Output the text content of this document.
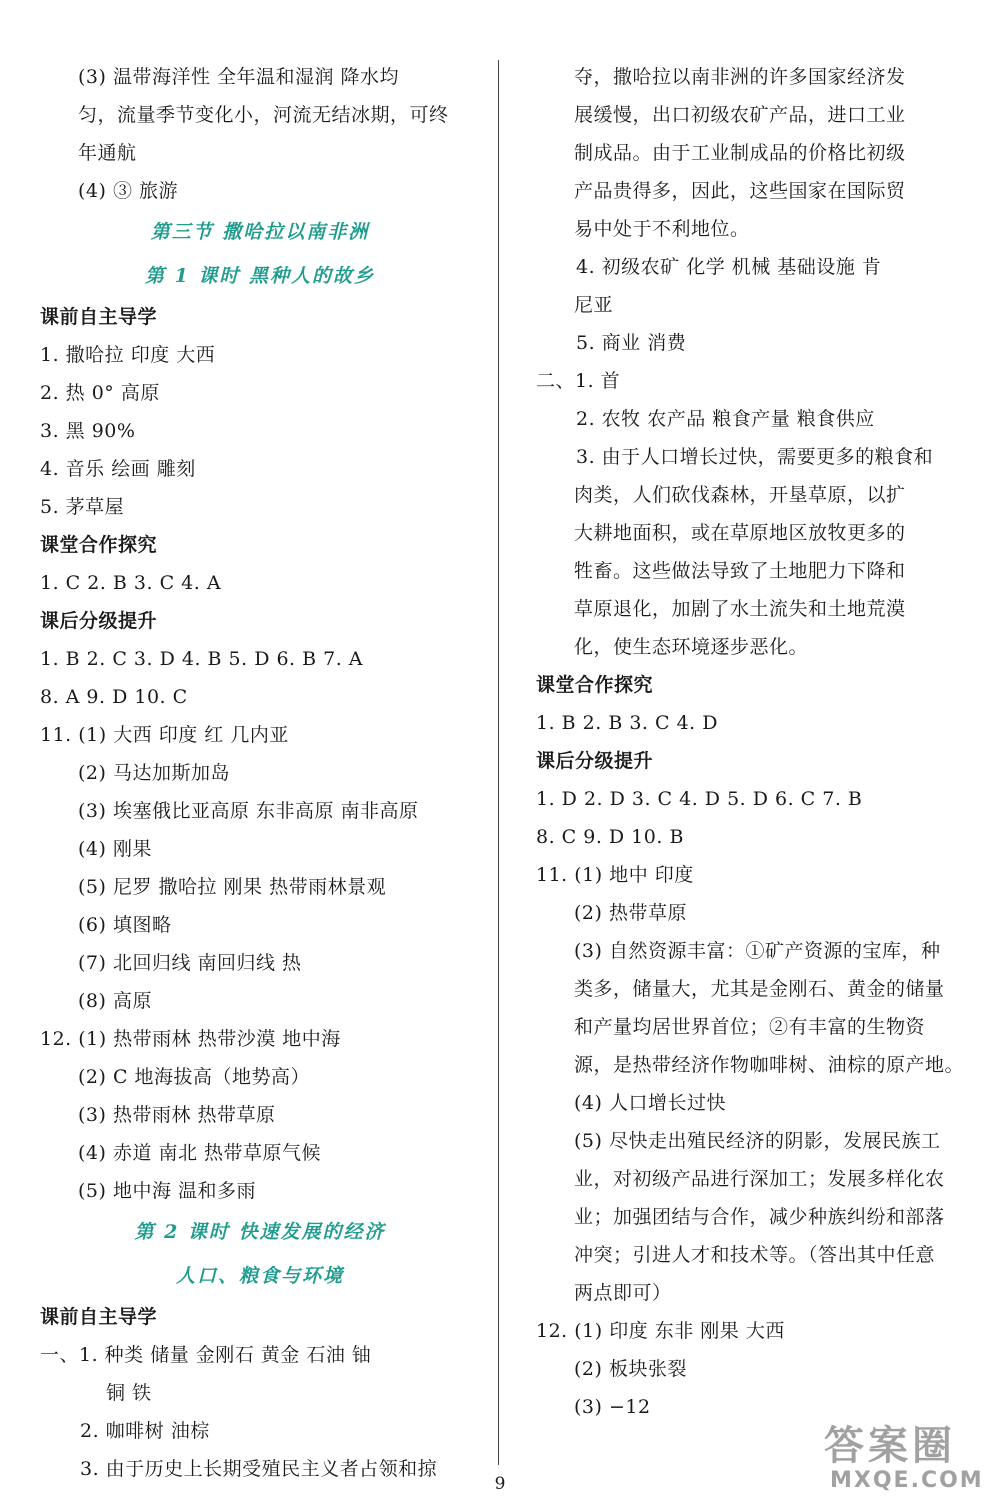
(3) 温带海洋性 全年温和湿润 降水均
匀，流量季节变化小，河流无结冰期，可终
年通航
(4) ③ 旅游
第三节 撒哈拉以南非洲
第 1 课时 黑种人的故乡
课前自主导学
1. 撒哈拉 印度 大西
2. 热 0° 高原
3. 黑 90%
4. 音乐 绘画 雕刻
5. 茅草屋
课堂合作探究
1. C 2. B 3. C 4. A
课后分级提升
1. B 2. C 3. D 4. B 5. D 6. B 7. A
8. A 9. D 10. C
11. (1) 大西 印度 红 几内亚
(2) 马达加斯加岛
(3) 埃塞俄比亚高原 东非高原 南非高原
(4) 刚果
(5) 尼罗 撒哈拉 刚果 热带雨林景观
(6) 填图略
(7) 北回归线 南回归线 热
(8) 高原
12. (1) 热带雨林 热带沙漠 地中海
(2) C 地海拔高（地势高）
(3) 热带雨林 热带草原
(4) 赤道 南北 热带草原气候
(5) 地中海 温和多雨
第 2 课时 快速发展的经济
人口、粮食与环境
课前自主导学
一、1. 种类 储量 金刚石 黄金 石油 铀
铜 铁
2. 咖啡树 油棕
3. 由于历史上长期受殖民主义者占领和掠
夺，撒哈拉以南非洲的许多国家经济发
展缓慢，出口初级农矿产品，进口工业
制成品。由于工业制成品的价格比初级
产品贵得多，因此，这些国家在国际贸
易中处于不利地位。
4. 初级农矿 化学 机械 基础设施 肯
尼亚
5. 商业 消费
二、1. 首
2. 农牧 农产品 粮食产量 粮食供应
3. 由于人口增长过快，需要更多的粮食和
肉类，人们砍伐森林，开垦草原，以扩
大耕地面积，或在草原地区放牧更多的
牲畜。这些做法导致了土地肥力下降和
草原退化，加剧了水土流失和土地荒漠
化，使生态环境逐步恶化。
课堂合作探究
1. B 2. B 3. C 4. D
课后分级提升
1. D 2. D 3. C 4. D 5. D 6. C 7. B
8. C 9. D 10. B
11. (1) 地中 印度
(2) 热带草原
(3) 自然资源丰富：①矿产资源的宝库，种
类多，储量大，尤其是金刚石、黄金的储量
和产量均居世界首位；②有丰富的生物资
源，是热带经济作物咖啡树、油棕的原产地。
(4) 人口增长过快
(5) 尽快走出殖民经济的阴影，发展民族工
业，对初级产品进行深加工；发展多样化农
业；加强团结与合作，减少种族纠纷和部落
冲突；引进人才和技术等。（答出其中任意
两点即可）
12. (1) 印度 东非 刚果 大西
(2) 板块张裂
(3) −12
9
答案圈
MXQE.COM
